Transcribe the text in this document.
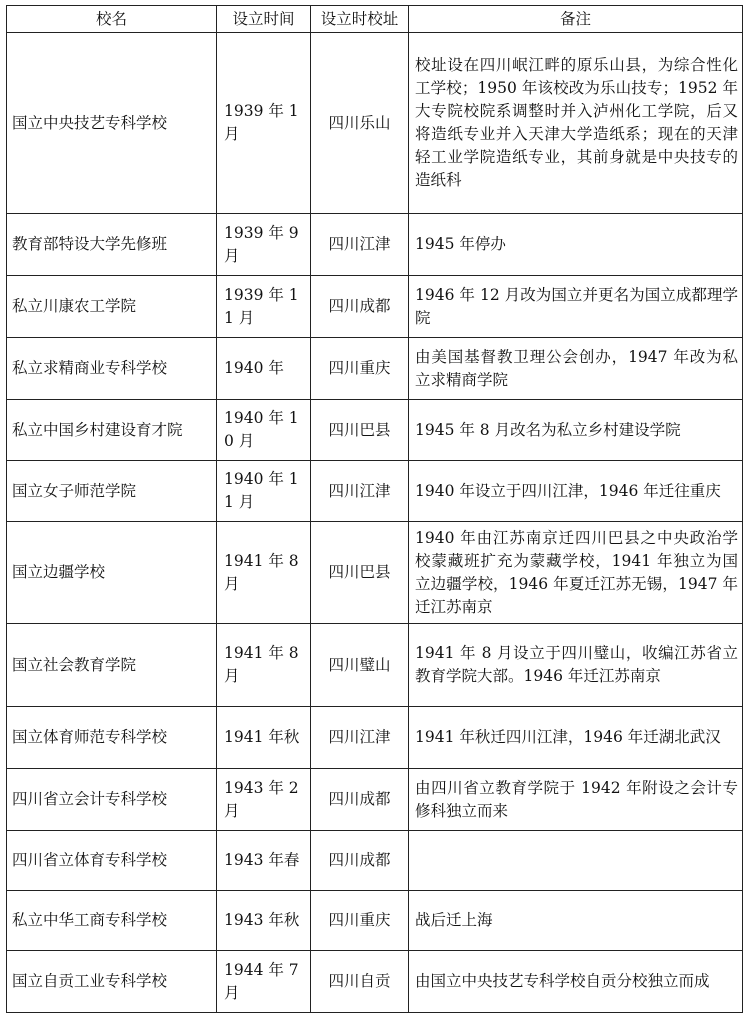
校名	设立时间	设立时校址	备注
国立中央技艺专科学校	1939 年 1 月	四川乐山	校址设在四川岷江畔的原乐山县，为综合性化工学校；1950 年该校改为乐山技专；1952 年大专院校院系调整时并入泸州化工学院，后又将造纸专业并入天津大学造纸系；现在的天津轻工业学院造纸专业，其前身就是中央技专的造纸科
教育部特设大学先修班	1939 年 9 月	四川江津	1945 年停办
私立川康农工学院	1939 年 11 月	四川成都	1946 年 12 月改为国立并更名为国立成都理学院
私立求精商业专科学校	1940 年	四川重庆	由美国基督教卫理公会创办，1947 年改为私立求精商学院
私立中国乡村建设育才院	1940 年 10 月	四川巴县	1945 年 8 月改名为私立乡村建设学院
国立女子师范学院	1940 年 11 月	四川江津	1940 年设立于四川江津，1946 年迁往重庆
国立边疆学校	1941 年 8 月	四川巴县	1940 年由江苏南京迁四川巴县之中央政治学校蒙藏班扩充为蒙藏学校，1941 年独立为国立边疆学校，1946 年夏迁江苏无锡，1947 年迁江苏南京
国立社会教育学院	1941 年 8 月	四川璧山	1941 年 8 月设立于四川璧山，收编江苏省立教育学院大部。1946 年迁江苏南京
国立体育师范专科学校	1941 年秋	四川江津	1941 年秋迁四川江津，1946 年迁湖北武汉
四川省立会计专科学校	1943 年 2 月	四川成都	由四川省立教育学院于 1942 年附设之会计专修科独立而来
四川省立体育专科学校	1943 年春	四川成都	
私立中华工商专科学校	1943 年秋	四川重庆	战后迁上海
国立自贡工业专科学校	1944 年 7 月	四川自贡	由国立中央技艺专科学校自贡分校独立而成
